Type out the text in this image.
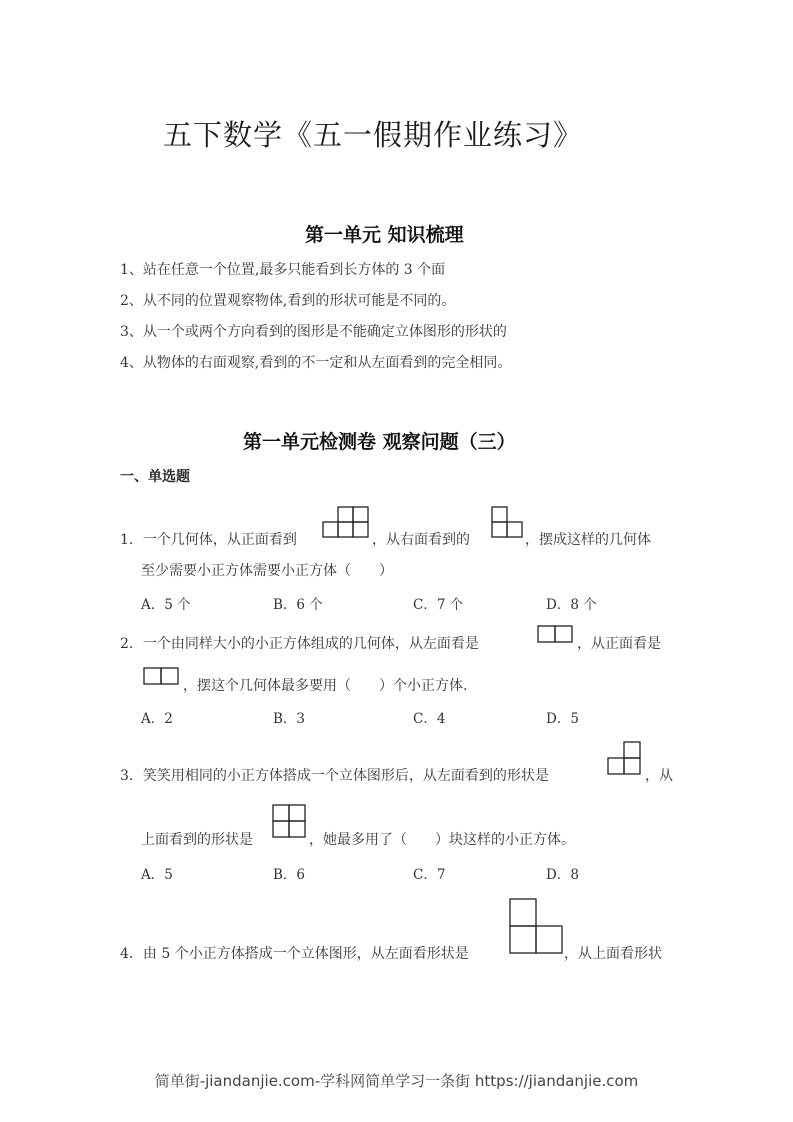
五下数学《五一假期作业练习》
第一单元 知识梳理
1、站在任意一个位置,最多只能看到长方体的 3 个面
2、从不同的位置观察物体,看到的形状可能是不同的。
3、从一个或两个方向看到的图形是不能确定立体图形的形状的
4、从物体的右面观察,看到的不一定和从左面看到的完全相同。
第一单元检测卷 观察问题（三）
一、单选题
1．一个几何体，从正面看到	，从右面看到的	，摆成这样的几何体
至少需要小正方体需要小正方体（　　）
A．5 个	B．6 个	C．7 个	D．8 个
2．一个由同样大小的小正方体组成的几何体，从左面看是	，从正面看是
，摆这个几何体最多要用（　　）个小正方体.
A．2	B．3	C．4	D．5
3．笑笑用相同的小正方体搭成一个立体图形后，从左面看到的形状是	，从
上面看到的形状是	，她最多用了（　　）块这样的小正方体。
A．5	B．6	C．7	D．8
4．由 5 个小正方体搭成一个立体图形，从左面看形状是	，从上面看形状
简单街-jiandanjie.com-学科网简单学习一条街 https://jiandanjie.com
